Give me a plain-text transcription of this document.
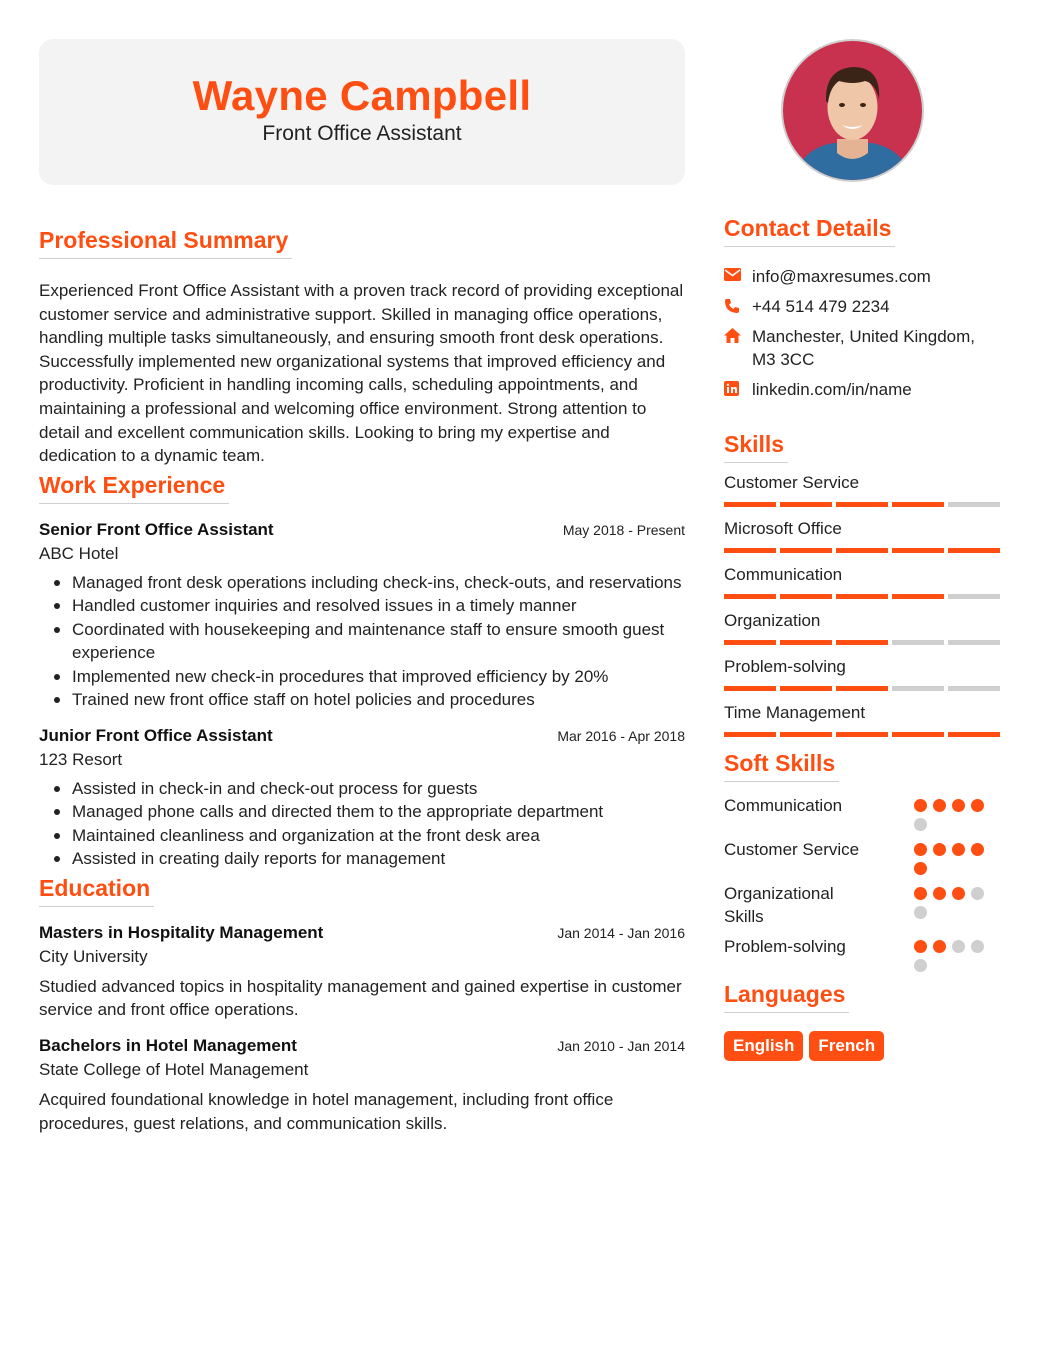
Wayne Campbell
Front Office Assistant
Professional Summary

Experienced Front Office Assistant with a proven track record of providing exceptional customer service and administrative support. Skilled in managing office operations, handling multiple tasks simultaneously, and ensuring smooth front desk operations. Successfully implemented new organizational systems that improved efficiency and productivity. Proficient in handling incoming calls, scheduling appointments, and maintaining a professional and welcoming office environment. Strong attention to detail and excellent communication skills. Looking to bring my expertise and dedication to a dynamic team.

Work Experience
Senior Front Office Assistant	May 2018 - Present
ABC Hotel
Managed front desk operations including check-ins, check-outs, and reservations
Handled customer inquiries and resolved issues in a timely manner
Coordinated with housekeeping and maintenance staff to ensure smooth guest experience
Implemented new check-in procedures that improved efficiency by 20%
Trained new front office staff on hotel policies and procedures
Junior Front Office Assistant	Mar 2016 - Apr 2018
123 Resort
Assisted in check-in and check-out process for guests
Managed phone calls and directed them to the appropriate department
Maintained cleanliness and organization at the front desk area
Assisted in creating daily reports for management
Education
Masters in Hospitality Management	Jan 2014 - Jan 2016
City University

Studied advanced topics in hospitality management and gained expertise in customer service and front office operations.

Bachelors in Hotel Management	Jan 2010 - Jan 2014
State College of Hotel Management

Acquired foundational knowledge in hotel management, including front office procedures, guest relations, and communication skills.

Contact Details
info@maxresumes.com
+44 514 479 2234
Manchester, United Kingdom,
M3 3CC
linkedin.com/in/name
Skills
Customer Service
Microsoft Office
Communication
Organization
Problem-solving
Time Management
Soft Skills
Communication
Customer Service
Organizational Skills
Problem-solving
Languages
English	French
